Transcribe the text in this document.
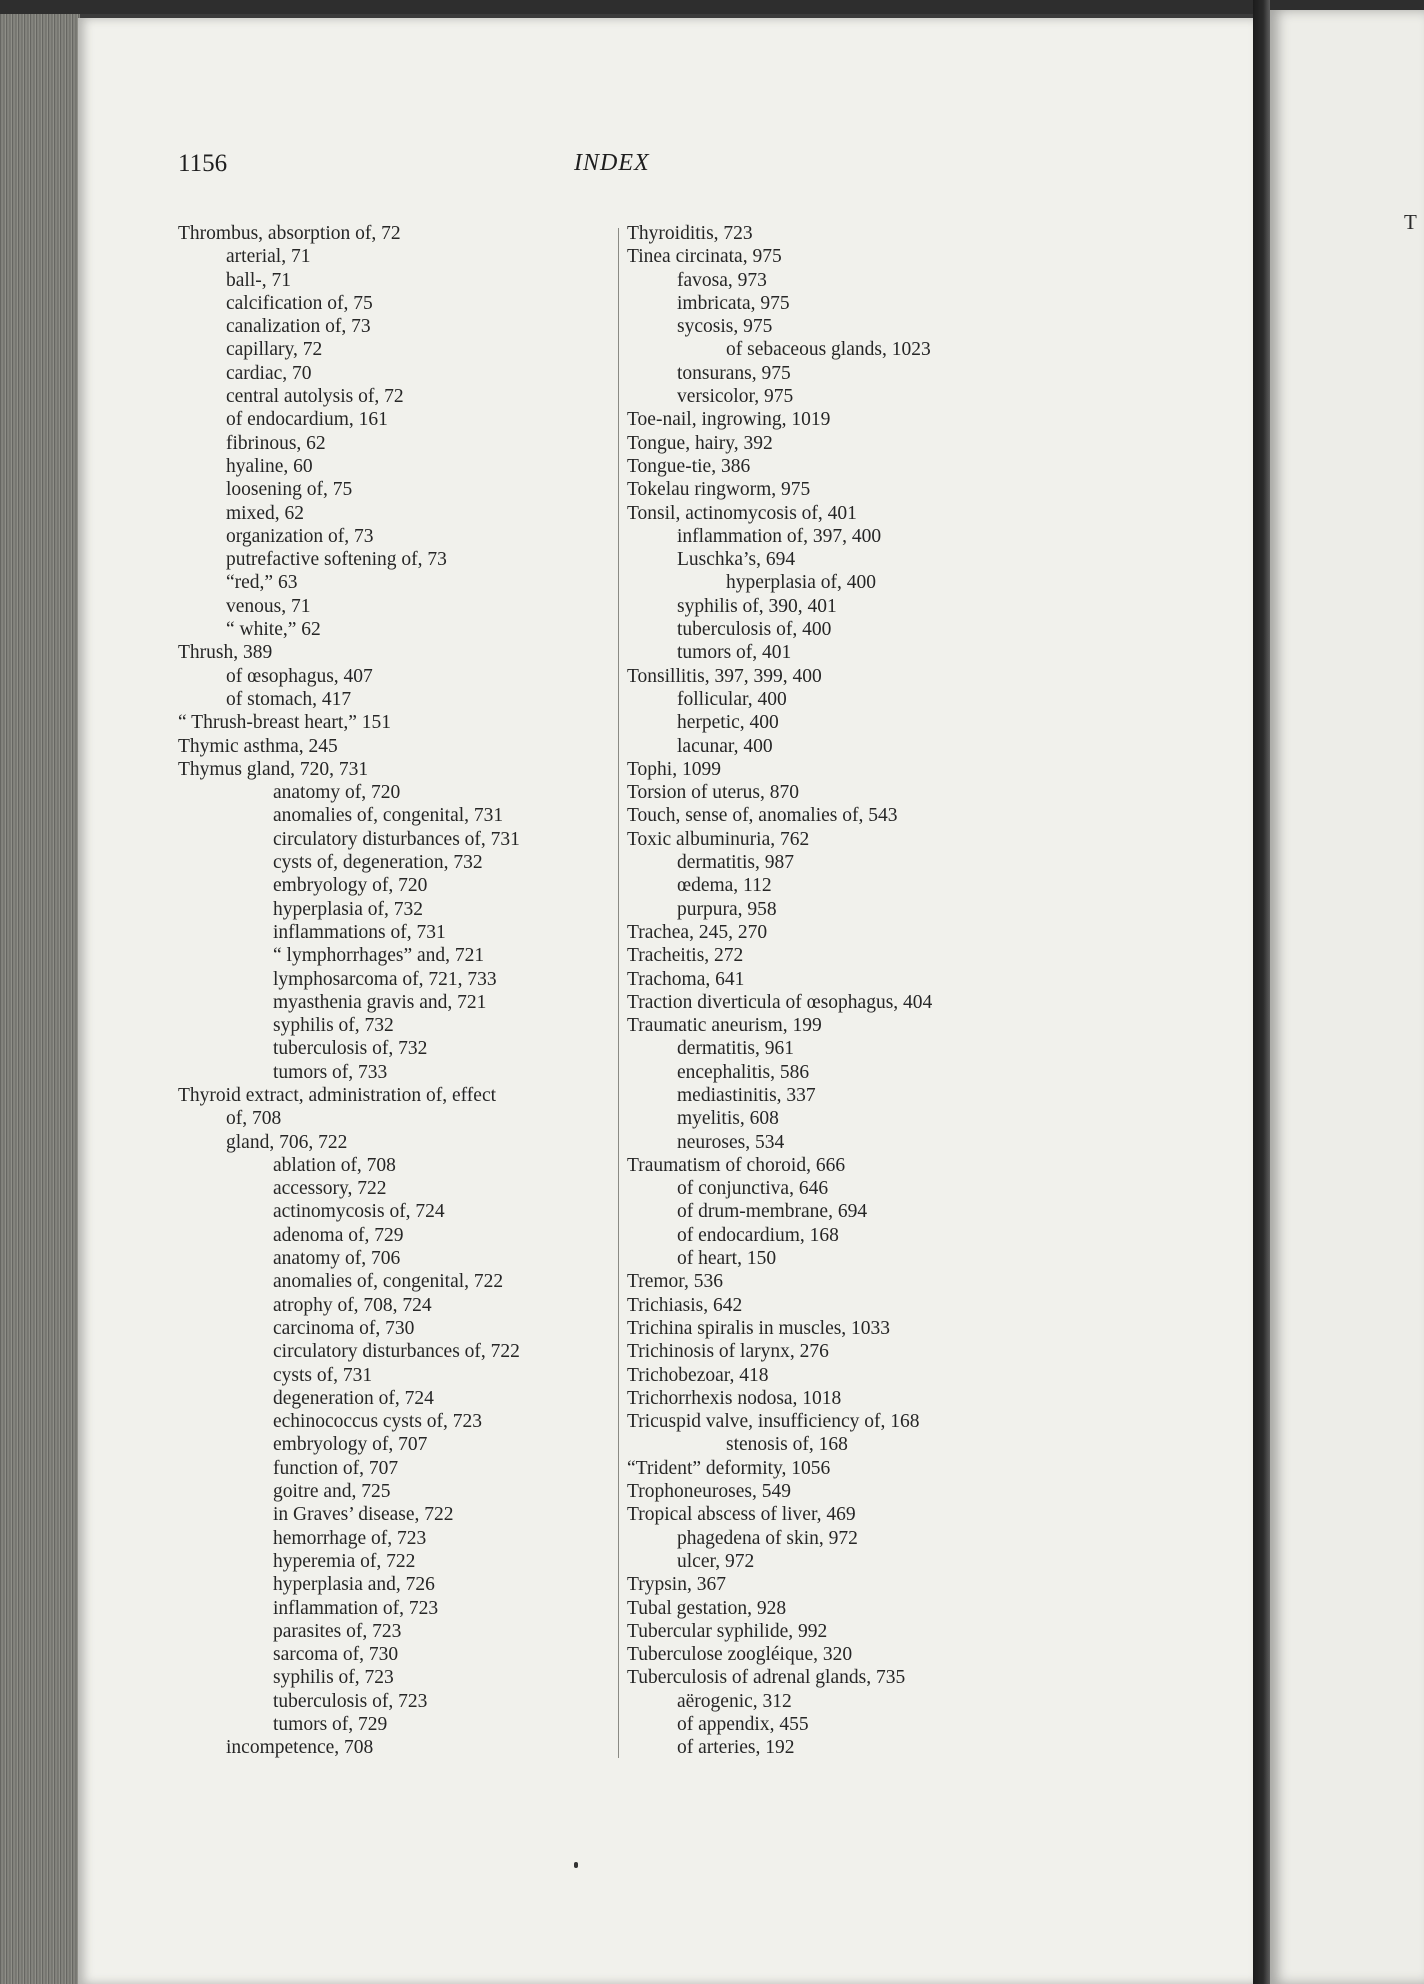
1156	INDEX
Thrombus, absorption of, 72
arterial, 71
ball-, 71
calcification of, 75
canalization of, 73
capillary, 72
cardiac, 70
central autolysis of, 72
of endocardium, 161
fibrinous, 62
hyaline, 60
loosening of, 75
mixed, 62
organization of, 73
putrefactive softening of, 73
“red,” 63
venous, 71
“ white,” 62
Thrush, 389
of œsophagus, 407
of stomach, 417
“ Thrush-breast heart,” 151
Thymic asthma, 245
Thymus gland, 720, 731
anatomy of, 720
anomalies of, congenital, 731
circulatory disturbances of, 731
cysts of, degeneration, 732
embryology of, 720
hyperplasia of, 732
inflammations of, 731
“ lymphorrhages” and, 721
lymphosarcoma of, 721, 733
myasthenia gravis and, 721
syphilis of, 732
tuberculosis of, 732
tumors of, 733
Thyroid extract, administration of, effect
of, 708
gland, 706, 722
ablation of, 708
accessory, 722
actinomycosis of, 724
adenoma of, 729
anatomy of, 706
anomalies of, congenital, 722
atrophy of, 708, 724
carcinoma of, 730
circulatory disturbances of, 722
cysts of, 731
degeneration of, 724
echinococcus cysts of, 723
embryology of, 707
function of, 707
goitre and, 725
in Graves’ disease, 722
hemorrhage of, 723
hyperemia of, 722
hyperplasia and, 726
inflammation of, 723
parasites of, 723
sarcoma of, 730
syphilis of, 723
tuberculosis of, 723
tumors of, 729
incompetence, 708
Thyroiditis, 723
Tinea circinata, 975
favosa, 973
imbricata, 975
sycosis, 975
of sebaceous glands, 1023
tonsurans, 975
versicolor, 975
Toe-nail, ingrowing, 1019
Tongue, hairy, 392
Tongue-tie, 386
Tokelau ringworm, 975
Tonsil, actinomycosis of, 401
inflammation of, 397, 400
Luschka’s, 694
hyperplasia of, 400
syphilis of, 390, 401
tuberculosis of, 400
tumors of, 401
Tonsillitis, 397, 399, 400
follicular, 400
herpetic, 400
lacunar, 400
Tophi, 1099
Torsion of uterus, 870
Touch, sense of, anomalies of, 543
Toxic albuminuria, 762
dermatitis, 987
œdema, 112
purpura, 958
Trachea, 245, 270
Tracheitis, 272
Trachoma, 641
Traction diverticula of œsophagus, 404
Traumatic aneurism, 199
dermatitis, 961
encephalitis, 586
mediastinitis, 337
myelitis, 608
neuroses, 534
Traumatism of choroid, 666
of conjunctiva, 646
of drum-membrane, 694
of endocardium, 168
of heart, 150
Tremor, 536
Trichiasis, 642
Trichina spiralis in muscles, 1033
Trichinosis of larynx, 276
Trichobezoar, 418
Trichorrhexis nodosa, 1018
Tricuspid valve, insufficiency of, 168
stenosis of, 168
“Trident” deformity, 1056
Trophoneuroses, 549
Tropical abscess of liver, 469
phagedena of skin, 972
ulcer, 972
Trypsin, 367
Tubal gestation, 928
Tubercular syphilide, 992
Tuberculose zoogléique, 320
Tuberculosis of adrenal glands, 735
aërogenic, 312
of appendix, 455
of arteries, 192
T
